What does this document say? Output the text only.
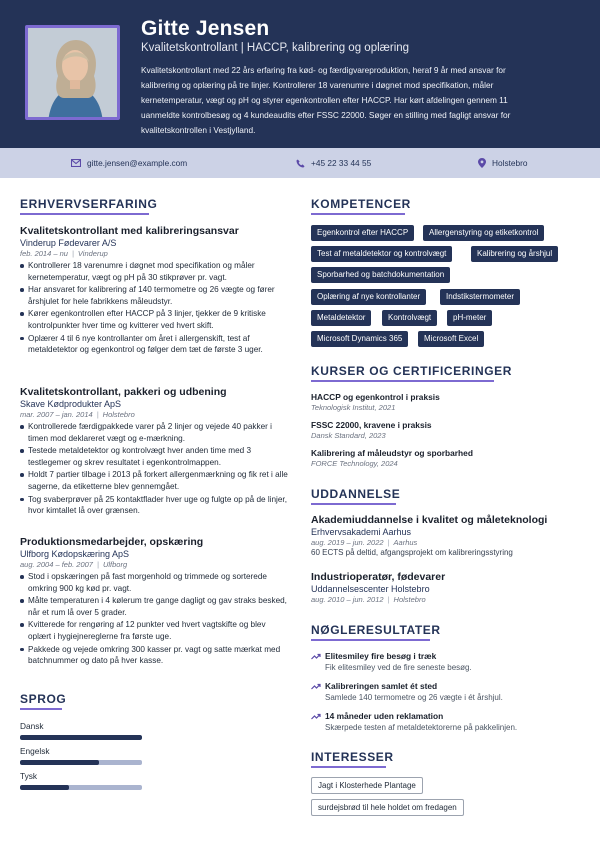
Gitte Jensen
Kvalitetskontrollant | HACCP, kalibrering og oplæring
Kvalitetskontrollant med 22 års erfaring fra kød- og færdigvareproduktion, heraf 9 år med ansvar for kalibrering og oplæring på tre linjer. Kontrollerer 18 varenumre i døgnet mod specifikation, måler kernetemperatur, vægt og pH og styrer egenkontrollen efter HACCP. Har kørt afdelingen gennem 11 uanmeldte kontrolbesøg og 4 kundeaudits efter FSSC 22000. Søger en stilling med fagligt ansvar for kvalitetskontrollen i Vestjylland.
gitte.jensen@example.com	+45 22 33 44 55	Holstebro
ERHVERVSERFARING
Kvalitetskontrollant med kalibreringsansvar
Vinderup Fødevarer A/S
feb. 2014 – nu | Vinderup
Kontrollerer 18 varenumre i døgnet mod specifikation og måler kernetemperatur, vægt og pH på 30 stikprøver pr. vagt.
Har ansvaret for kalibrering af 140 termometre og 26 vægte og fører årshjulet for hele fabrikkens måleudstyr.
Kører egenkontrollen efter HACCP på 3 linjer, tjekker de 9 kritiske kontrolpunkter hver time og kvitterer ved hvert skift.
Oplærer 4 til 6 nye kontrollanter om året i allergenskift, test af metaldetektor og egenkontrol og følger dem tæt de første 3 uger.
Kvalitetskontrollant, pakkeri og udbening
Skave Kødprodukter ApS
mar. 2007 – jan. 2014 | Holstebro
Kontrollerede færdigpakkede varer på 2 linjer og vejede 40 pakker i timen mod deklareret vægt og e-mærkning.
Testede metaldetektor og kontrolvægt hver anden time med 3 testlegemer og skrev resultatet i egenkontrolmappen.
Holdt 7 partier tilbage i 2013 på forkert allergenmærkning og fik ret i alle sagerne, da etiketterne blev gennemgået.
Tog svaberprøver på 25 kontaktflader hver uge og fulgte op på de linjer, hvor kimtallet lå over grænsen.
Produktionsmedarbejder, opskæring
Ulfborg Kødopskæring ApS
aug. 2004 – feb. 2007 | Ulfborg
Stod i opskæringen på fast morgenhold og trimmede og sorterede omkring 900 kg kød pr. vagt.
Målte temperaturen i 4 kølerum tre gange dagligt og gav straks besked, når et rum lå over 5 grader.
Kvitterede for rengøring af 12 punkter ved hvert vagtskifte og blev oplært i hygiejnereglerne fra første uge.
Pakkede og vejede omkring 300 kasser pr. vagt og satte mærkat med batchnummer og dato på hver kasse.
SPROG
Dansk
Engelsk
Tysk
KOMPETENCER
Egenkontrol efter HACCP	Allergenstyring og etiketkontrol
Test af metaldetektor og kontrolvægt	Kalibrering og årshjul
Sporbarhed og batchdokumentation
Oplæring af nye kontrollanter	Indstikstermometer
Metaldetektor	Kontrolvægt	pH-meter
Microsoft Dynamics 365	Microsoft Excel
KURSER OG CERTIFICERINGER
HACCP og egenkontrol i praksis
Teknologisk Institut, 2021
FSSC 22000, kravene i praksis
Dansk Standard, 2023
Kalibrering af måleudstyr og sporbarhed
FORCE Technology, 2024
UDDANNELSE
Akademiuddannelse i kvalitet og måleteknologi
Erhvervsakademi Aarhus
aug. 2019 – jun. 2022 | Aarhus
60 ECTS på deltid, afgangsprojekt om kalibreringsstyring
Industrioperatør, fødevarer
Uddannelsescenter Holstebro
aug. 2010 – jun. 2012 | Holstebro
NØGLERESULTATER
Elitesmiley fire besøg i træk
Fik elitesmiley ved de fire seneste besøg.
Kalibreringen samlet ét sted
Samlede 140 termometre og 26 vægte i ét årshjul.
14 måneder uden reklamation
Skærpede testen af metaldetektorerne på pakkelinjen.
INTERESSER
Jagt i Klosterhede Plantage
surdejsbrød til hele holdet om fredagen
